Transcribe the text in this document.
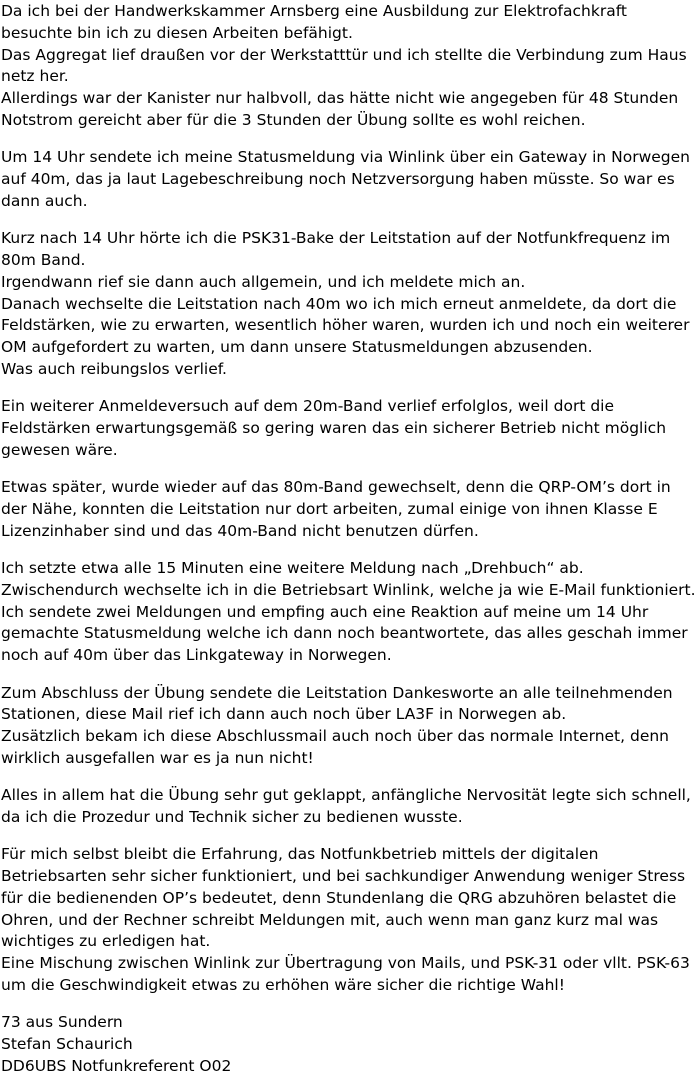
Da ich bei der Handwerkskammer Arnsberg eine Ausbildung zur Elektrofachkraft
besuchte bin ich zu diesen Arbeiten befähigt.
Das Aggregat lief draußen vor der Werkstatttür und ich stellte die Verbindung zum Haus
netz her.
Allerdings war der Kanister nur halbvoll, das hätte nicht wie angegeben für 48 Stunden
Notstrom gereicht aber für die 3 Stunden der Übung sollte es wohl reichen.

Um 14 Uhr sendete ich meine Statusmeldung via Winlink über ein Gateway in Norwegen
auf 40m, das ja laut Lagebeschreibung noch Netzversorgung haben müsste. So war es
dann auch.

Kurz nach 14 Uhr hörte ich die PSK31-Bake der Leitstation auf der Notfunkfrequenz im
80m Band.
Irgendwann rief sie dann auch allgemein, und ich meldete mich an.
Danach wechselte die Leitstation nach 40m wo ich mich erneut anmeldete, da dort die
Feldstärken, wie zu erwarten, wesentlich höher waren, wurden ich und noch ein weiterer
OM aufgefordert zu warten, um dann unsere Statusmeldungen abzusenden.
Was auch reibungslos verlief.

Ein weiterer Anmeldeversuch auf dem 20m-Band verlief erfolglos, weil dort die
Feldstärken erwartungsgemäß so gering waren das ein sicherer Betrieb nicht möglich
gewesen wäre.

Etwas später, wurde wieder auf das 80m-Band gewechselt, denn die QRP-OM’s dort in
der Nähe, konnten die Leitstation nur dort arbeiten, zumal einige von ihnen Klasse E
Lizenzinhaber sind und das 40m-Band nicht benutzen dürfen.

Ich setzte etwa alle 15 Minuten eine weitere Meldung nach „Drehbuch“ ab.
Zwischendurch wechselte ich in die Betriebsart Winlink, welche ja wie E-Mail funktioniert.
Ich sendete zwei Meldungen und empfing auch eine Reaktion auf meine um 14 Uhr
gemachte Statusmeldung welche ich dann noch beantwortete, das alles geschah immer
noch auf 40m über das Linkgateway in Norwegen.

Zum Abschluss der Übung sendete die Leitstation Dankesworte an alle teilnehmenden
Stationen, diese Mail rief ich dann auch noch über LA3F in Norwegen ab.
Zusätzlich bekam ich diese Abschlussmail auch noch über das normale Internet, denn
wirklich ausgefallen war es ja nun nicht!

Alles in allem hat die Übung sehr gut geklappt, anfängliche Nervosität legte sich schnell,
da ich die Prozedur und Technik sicher zu bedienen wusste.

Für mich selbst bleibt die Erfahrung, das Notfunkbetrieb mittels der digitalen
Betriebsarten sehr sicher funktioniert, und bei sachkundiger Anwendung weniger Stress
für die bedienenden OP’s bedeutet, denn Stundenlang die QRG abzuhören belastet die
Ohren, und der Rechner schreibt Meldungen mit, auch wenn man ganz kurz mal was
wichtiges zu erledigen hat.
Eine Mischung zwischen Winlink zur Übertragung von Mails, und PSK-31 oder vllt. PSK-63
um die Geschwindigkeit etwas zu erhöhen wäre sicher die richtige Wahl!

73 aus Sundern
Stefan Schaurich
DD6UBS Notfunkreferent O02
